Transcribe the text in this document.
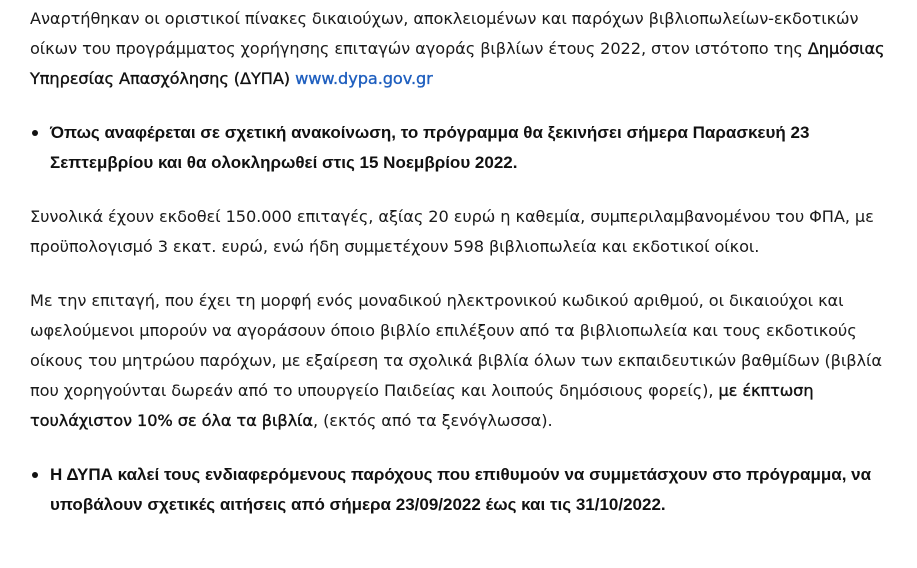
Αναρτήθηκαν οι οριστικοί πίνακες δικαιούχων, αποκλειομένων και παρόχων βιβλιοπωλείων-εκδοτικών οίκων του προγράμματος χορήγησης επιταγών αγοράς βιβλίων έτους 2022, στον ιστότοπο της Δημόσιας Υπηρεσίας Απασχόλησης (ΔΥΠΑ) www.dypa.gov.gr

Όπως αναφέρεται σε σχετική ανακοίνωση, το πρόγραμμα θα ξεκινήσει σήμερα Παρασκευή 23 Σεπτεμβρίου και θα ολοκληρωθεί στις 15 Νοεμβρίου 2022.

Συνολικά έχουν εκδοθεί 150.000 επιταγές, αξίας 20 ευρώ η καθεμία, συμπεριλαμβανομένου του ΦΠΑ, με προϋπολογισμό 3 εκατ. ευρώ, ενώ ήδη συμμετέχουν 598 βιβλιοπωλεία και εκδοτικοί οίκοι.

Με την επιταγή, που έχει τη μορφή ενός μοναδικού ηλεκτρονικού κωδικού αριθμού, οι δικαιούχοι και ωφελούμενοι μπορούν να αγοράσουν όποιο βιβλίο επιλέξουν από τα βιβλιοπωλεία και τους εκδοτικούς οίκους του μητρώου παρόχων, με εξαίρεση τα σχολικά βιβλία όλων των εκπαιδευτικών βαθμίδων (βιβλία που χορηγούνται δωρεάν από το υπουργείο Παιδείας και λοιπούς δημόσιους φορείς), με έκπτωση τουλάχιστον 10% σε όλα τα βιβλία, (εκτός από τα ξενόγλωσσα).

Η ΔΥΠΑ καλεί τους ενδιαφερόμενους παρόχους που επιθυμούν να συμμετάσχουν στο πρόγραμμα, να υποβάλουν σχετικές αιτήσεις από σήμερα 23/09/2022 έως και τις 31/10/2022.
